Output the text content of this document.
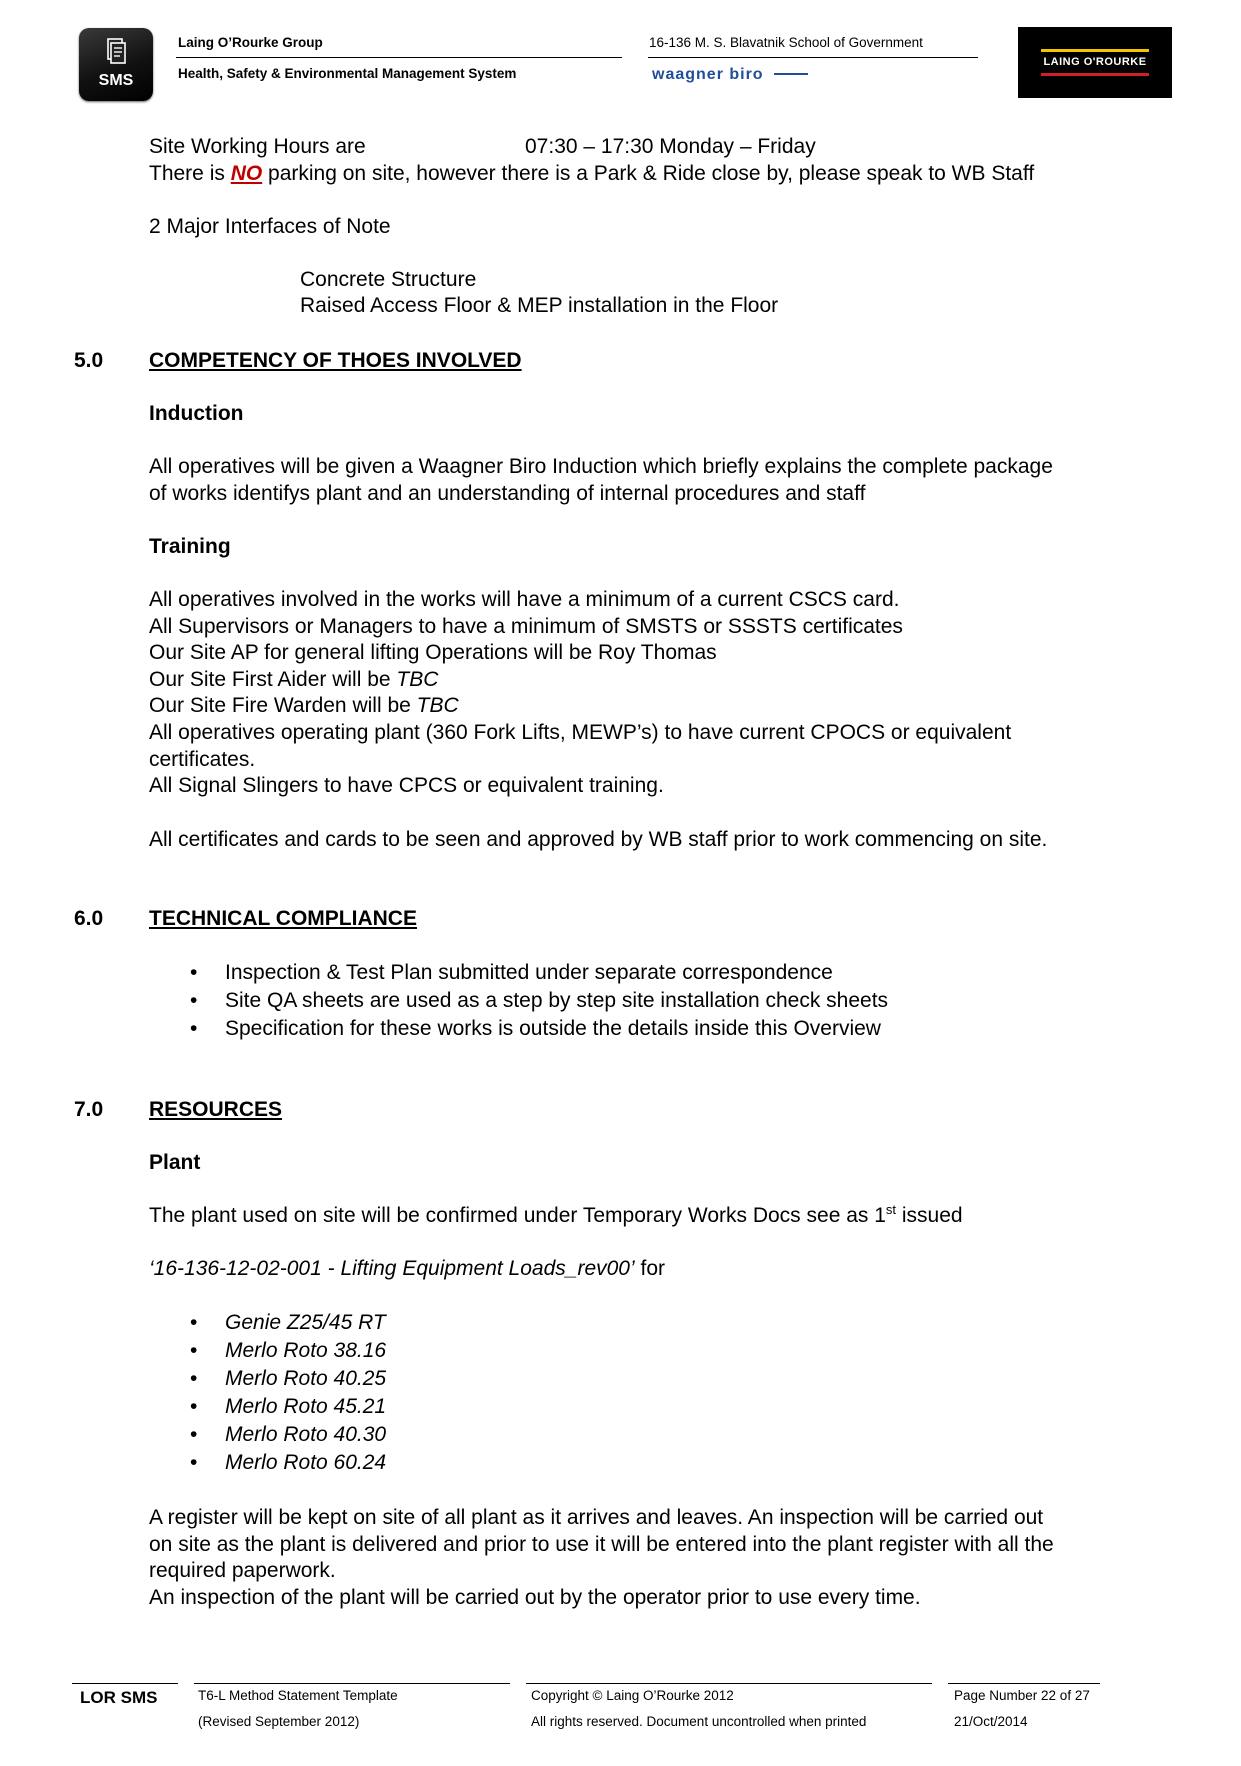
SMS
Laing O’Rourke Group
Health, Safety & Environmental Management System
16-136 M. S. Blavatnik School of Government
waagner biro
LAING O'ROURKE
Site Working Hours are	07:30 – 17:30 Monday – Friday
There is NO parking on site, however there is a Park & Ride close by, please speak to WB Staff
2 Major Interfaces of Note
Concrete Structure
Raised Access Floor & MEP installation in the Floor
5.0 COMPETENCY OF THOES INVOLVED
Induction
All operatives will be given a Waagner Biro Induction which briefly explains the complete package
of works identifys plant and an understanding of internal procedures and staff
Training
All operatives involved in the works will have a minimum of a current CSCS card.
All Supervisors or Managers to have a minimum of SMSTS or SSSTS certificates
Our Site AP for general lifting Operations will be Roy Thomas
Our Site First Aider will be TBC
Our Site Fire Warden will be TBC
All operatives operating plant (360 Fork Lifts, MEWP’s) to have current CPOCS or equivalent
certificates.
All Signal Slingers to have CPCS or equivalent training.
All certificates and cards to be seen and approved by WB staff prior to work commencing on site.
6.0 TECHNICAL COMPLIANCE
• Inspection & Test Plan submitted under separate correspondence
• Site QA sheets are used as a step by step site installation check sheets
• Specification for these works is outside the details inside this Overview
7.0 RESOURCES
Plant
The plant used on site will be confirmed under Temporary Works Docs see as 1st issued
‘16-136-12-02-001 - Lifting Equipment Loads_rev00’ for
• Genie Z25/45 RT
• Merlo Roto 38.16
• Merlo Roto 40.25
• Merlo Roto 45.21
• Merlo Roto 40.30
• Merlo Roto 60.24
A register will be kept on site of all plant as it arrives and leaves. An inspection will be carried out
on site as the plant is delivered and prior to use it will be entered into the plant register with all the
required paperwork.
An inspection of the plant will be carried out by the operator prior to use every time.
LOR SMS	T6-L Method Statement Template
(Revised September 2012)
Copyright © Laing O’Rourke 2012
All rights reserved. Document uncontrolled when printed
Page Number 22 of 27
21/Oct/2014
